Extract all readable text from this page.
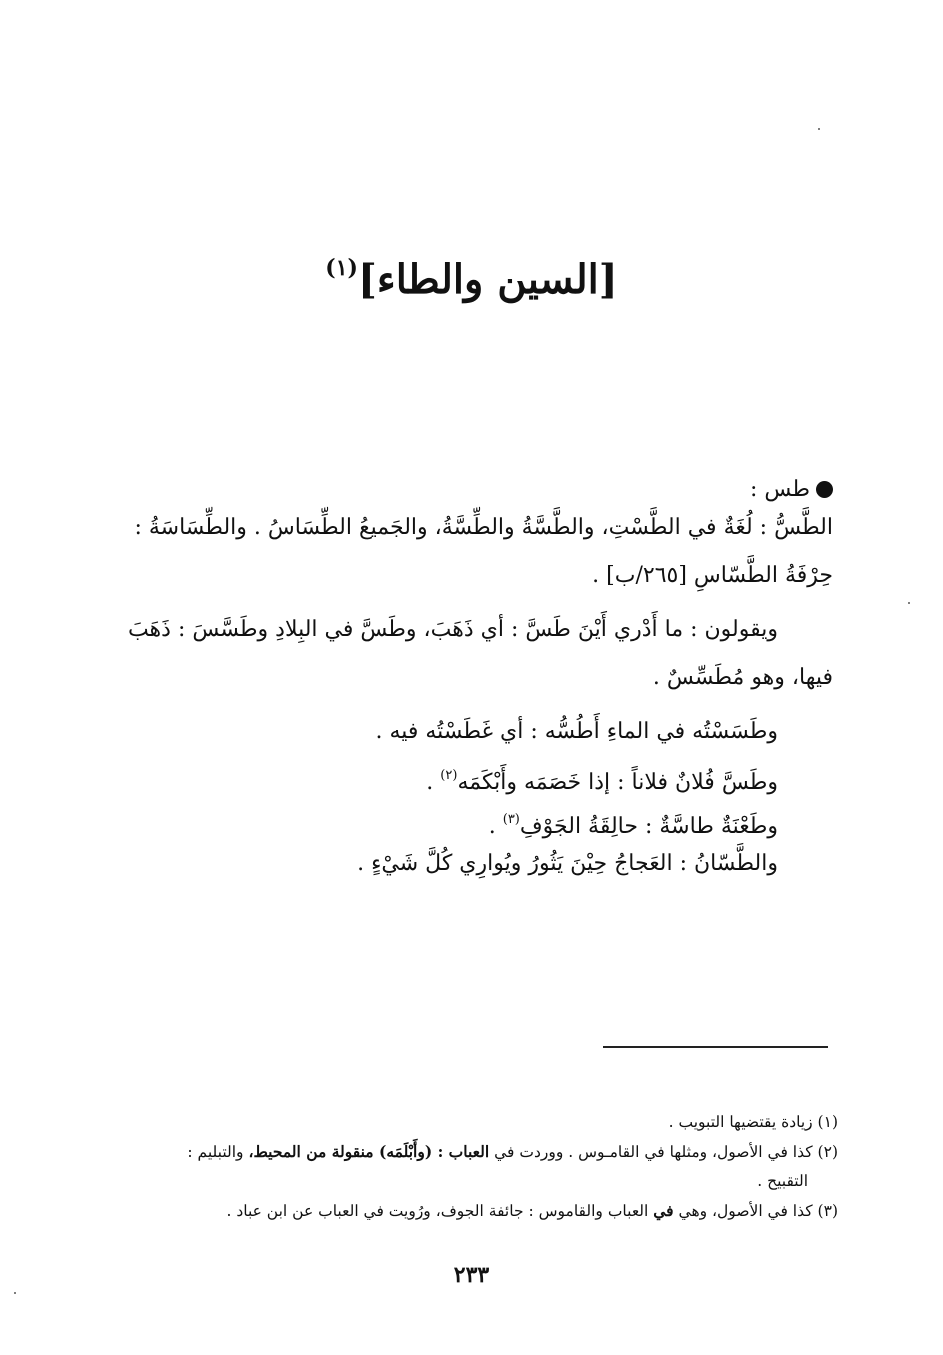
[السين والطاء]$^{(١)}$
طس :
الطَّسُّ : لُغَةٌ في الطَّسْتِ، والطَّسَّةُ والطِّسَّةُ، والجَميعُ الطِّسَاسُ . والطِّسَاسَةُ :
حِرْفَةُ الطَّسّاسِ [٢٦٥/ب] .
ويقولون : ما أَدْري أَيْنَ طَسَّ : أي ذَهَبَ، وطَسَّ في البِلادِ وطَسَّسَ : ذَهَبَ
فيها، وهو مُطَسِّسٌ .
وطَسَسْتُه في الماءِ أَطُسُّه : أي غَطَسْتُه فيه .
وطَسَّ فُلانٌ فلاناً : إذا خَصَمَه وأَبْكَمَه$^{(٢)}$ .
وطَعْنَةٌ طاسَّةٌ : حالِقَةُ الجَوْفِ$^{(٣)}$ .
والطَّسّانُ : العَجاجُ حِيْنَ يَثُورُ ويُوارِي كُلَّ شَيْءٍ .

(١) زيادة يقتضيها التبويب .

(٢) كذا في الأصول، ومثلها في القامـوس . ووردت في العباب : (وأَبْلَمَه) منقولة من المحيط، والتبليم :
التقبيح .

(٣) كذا في الأصول، وهي في العباب والقاموس : جائفة الجوف، ورُويت في العباب عن ابن عباد .

٢٣٣
